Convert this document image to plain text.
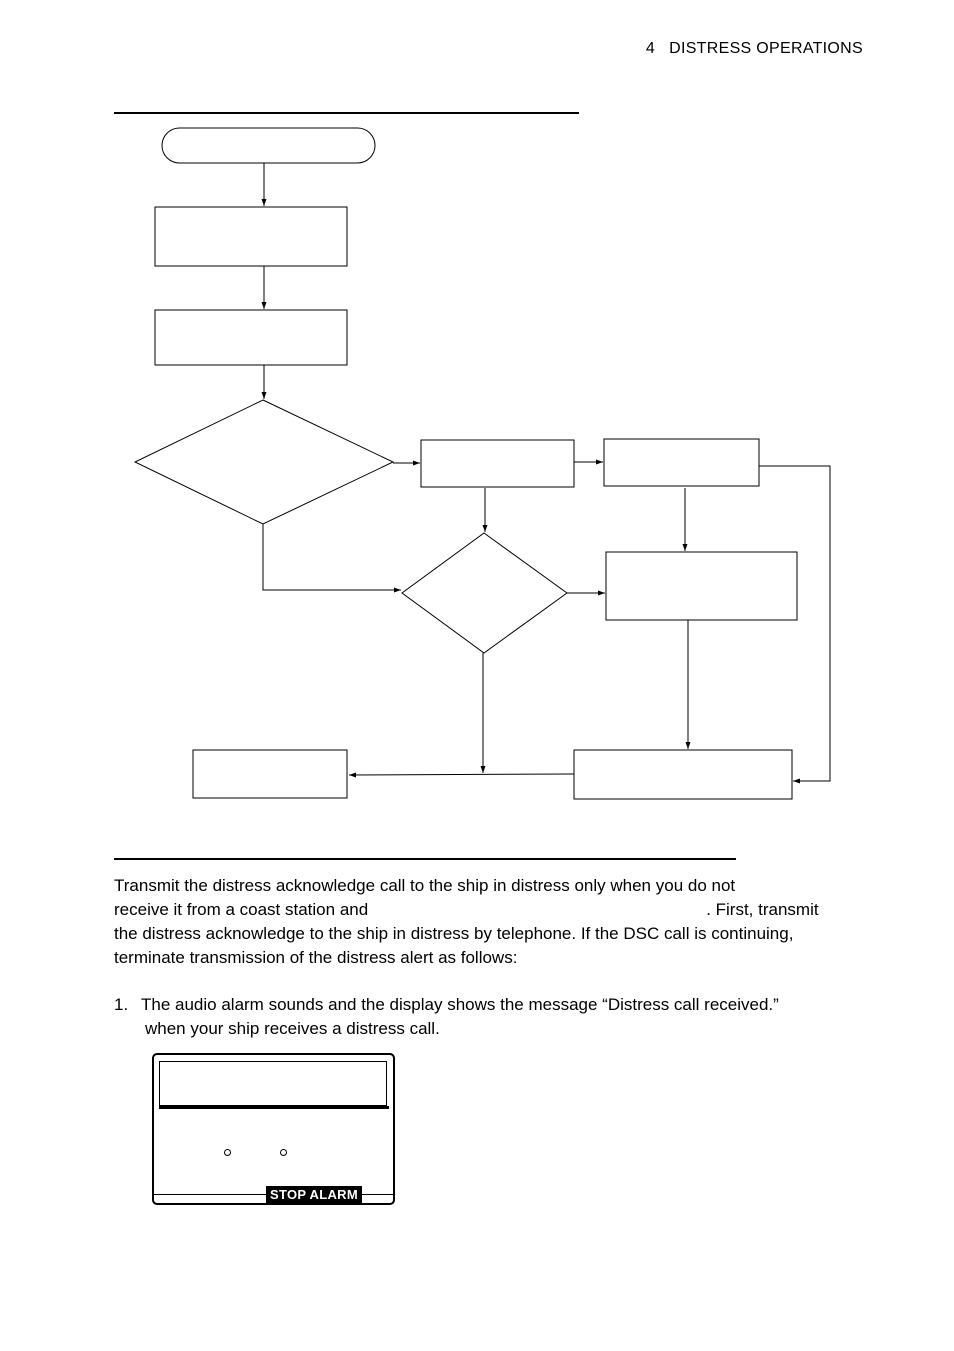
4 DISTRESS OPERATIONS
Transmit the distress acknowledge call to the ship in distress only when you do not
receive it from a coast station and	. First, transmit
the distress acknowledge to the ship in distress by telephone. If the DSC call is continuing,
terminate transmission of the distress alert as follows:
1. The audio alarm sounds and the display shows the message “Distress call received.”
when your ship receives a distress call.
STOP ALARM
